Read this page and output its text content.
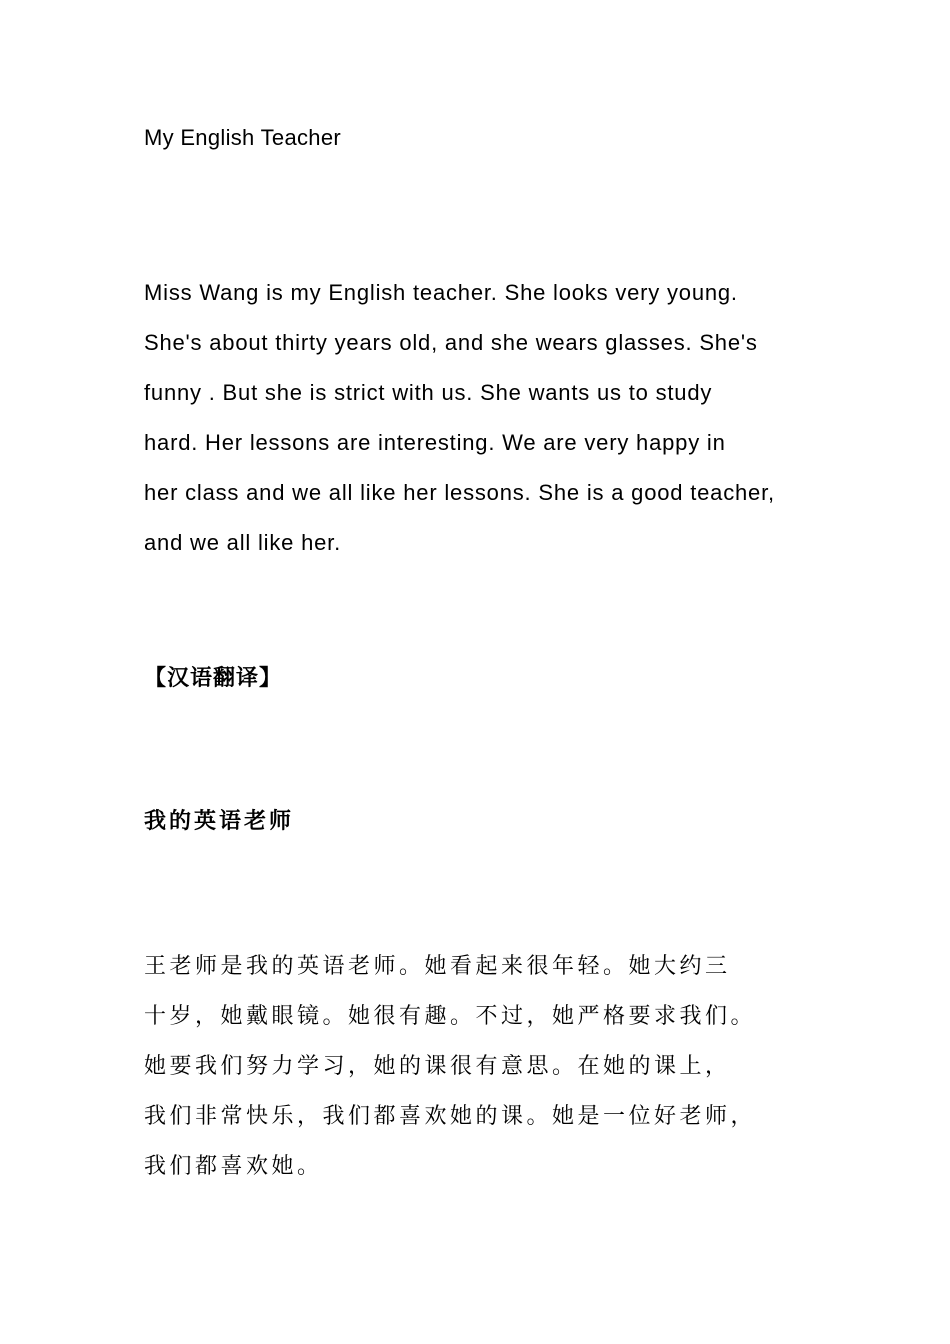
My English Teacher
Miss Wang is my English teacher. She looks very young.
She's about thirty years old, and she wears glasses. She's
funny . But she is strict with us. She wants us to study
hard. Her lessons are interesting. We are very happy in
her class and we all like her lessons. She is a good teacher,
and we all like her.
【汉语翻译】
我的英语老师
王老师是我的英语老师。她看起来很年轻。她大约三
十岁，她戴眼镜。她很有趣。不过，她严格要求我们。
她要我们努力学习，她的课很有意思。在她的课上，
我们非常快乐，我们都喜欢她的课。她是一位好老师，
我们都喜欢她。
